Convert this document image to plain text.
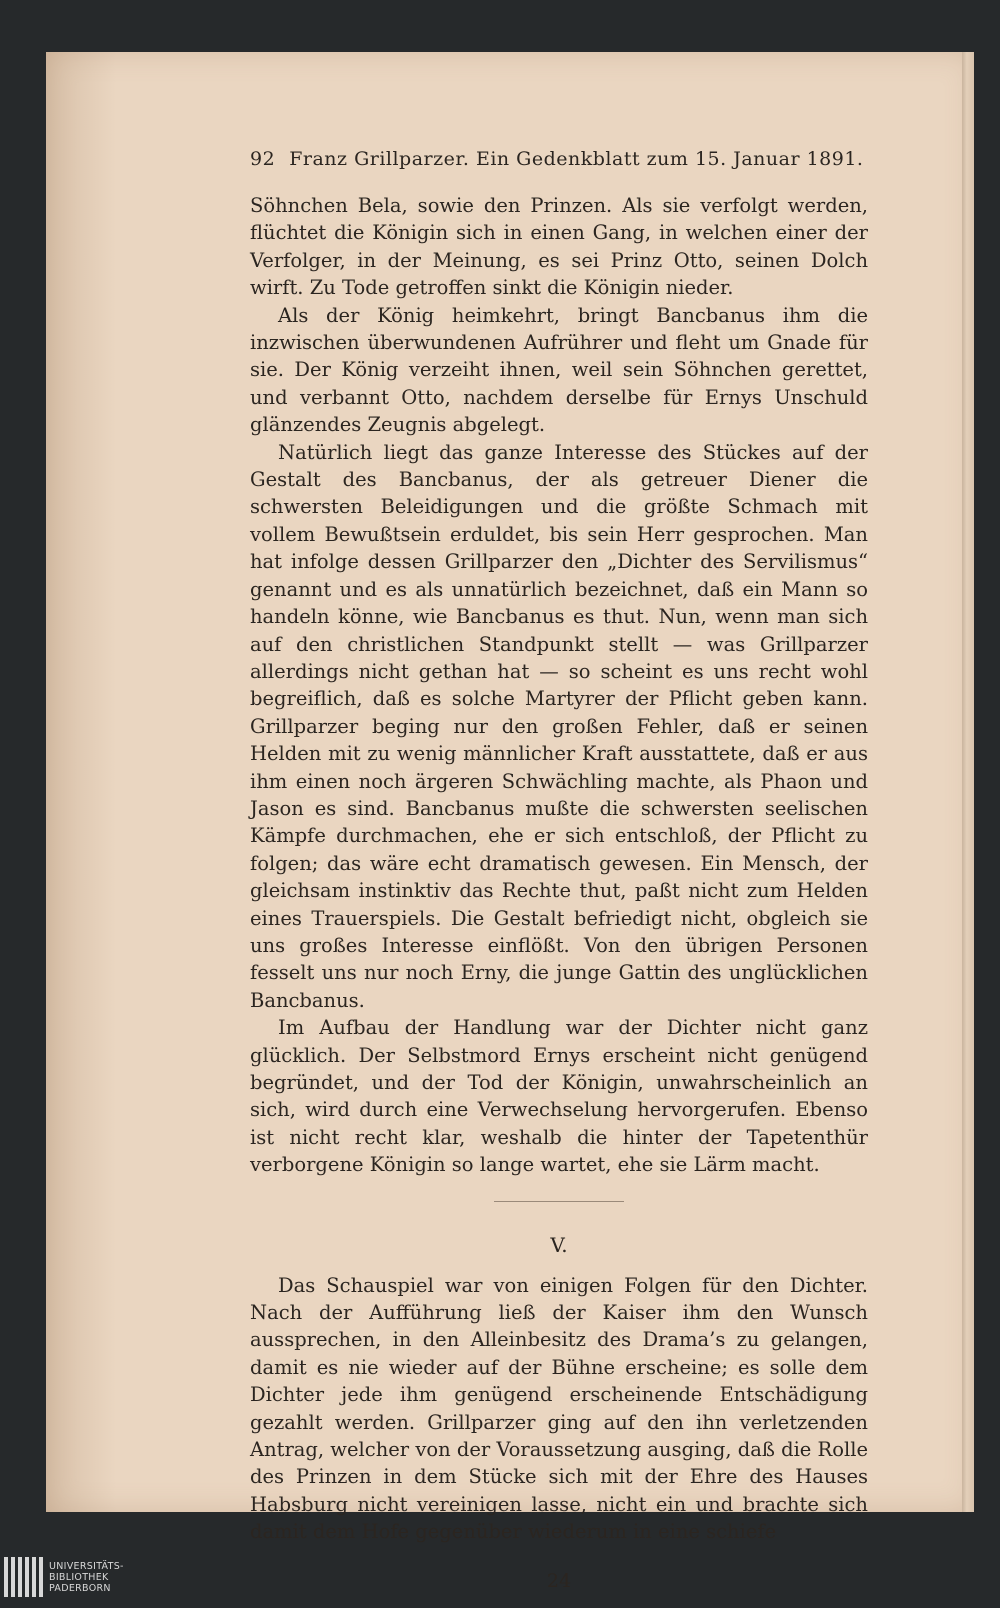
92 Franz Grillparzer. Ein Gedenkblatt zum 15. Januar 1891.

Söhnchen Bela, sowie den Prinzen. Als sie verfolgt werden, flüchtet die Königin sich in einen Gang, in welchen einer der Verfolger, in der Meinung, es sei Prinz Otto, seinen Dolch wirft. Zu Tode getroffen sinkt die Königin nieder.

Als der König heimkehrt, bringt Bancbanus ihm die inzwischen überwundenen Aufrührer und fleht um Gnade für sie. Der König verzeiht ihnen, weil sein Söhnchen gerettet, und verbannt Otto, nachdem derselbe für Ernys Unschuld glänzendes Zeugnis abgelegt.

Natürlich liegt das ganze Interesse des Stückes auf der Gestalt des Bancbanus, der als getreuer Diener die schwersten Beleidigungen und die größte Schmach mit vollem Bewußtsein erduldet, bis sein Herr gesprochen. Man hat infolge dessen Grillparzer den „Dichter des Servilismus“ genannt und es als unnatürlich bezeichnet, daß ein Mann so handeln könne, wie Bancbanus es thut. Nun, wenn man sich auf den christlichen Standpunkt stellt — was Grillparzer allerdings nicht gethan hat — so scheint es uns recht wohl begreiflich, daß es solche Martyrer der Pflicht geben kann. Grillparzer beging nur den großen Fehler, daß er seinen Helden mit zu wenig männlicher Kraft ausstattete, daß er aus ihm einen noch ärgeren Schwächling machte, als Phaon und Jason es sind. Bancbanus mußte die schwersten seelischen Kämpfe durchmachen, ehe er sich entschloß, der Pflicht zu folgen; das wäre echt dramatisch gewesen. Ein Mensch, der gleichsam instinktiv das Rechte thut, paßt nicht zum Helden eines Trauerspiels. Die Gestalt befriedigt nicht, obgleich sie uns großes Interesse einflößt. Von den übrigen Personen fesselt uns nur noch Erny, die junge Gattin des unglücklichen Bancbanus.

Im Aufbau der Handlung war der Dichter nicht ganz glücklich. Der Selbstmord Ernys erscheint nicht genügend begründet, und der Tod der Königin, unwahrscheinlich an sich, wird durch eine Verwechselung hervorgerufen. Ebenso ist nicht recht klar, weshalb die hinter der Tapetenthür verborgene Königin so lange wartet, ehe sie Lärm macht.

V.

Das Schauspiel war von einigen Folgen für den Dichter. Nach der Aufführung ließ der Kaiser ihm den Wunsch aussprechen, in den Alleinbesitz des Drama’s zu gelangen, damit es nie wieder auf der Bühne erscheine; es solle dem Dichter jede ihm genügend erscheinende Entschädigung gezahlt werden. Grillparzer ging auf den ihn verletzenden Antrag, welcher von der Voraussetzung ausging, daß die Rolle des Prinzen in dem Stücke sich mit der Ehre des Hauses Habsburg nicht vereinigen lasse, nicht ein und brachte sich damit dem Hofe gegenüber wiederum in eine schiefe

24
UNIVERSITÄTS-
BIBLIOTHEK
PADERBORN
